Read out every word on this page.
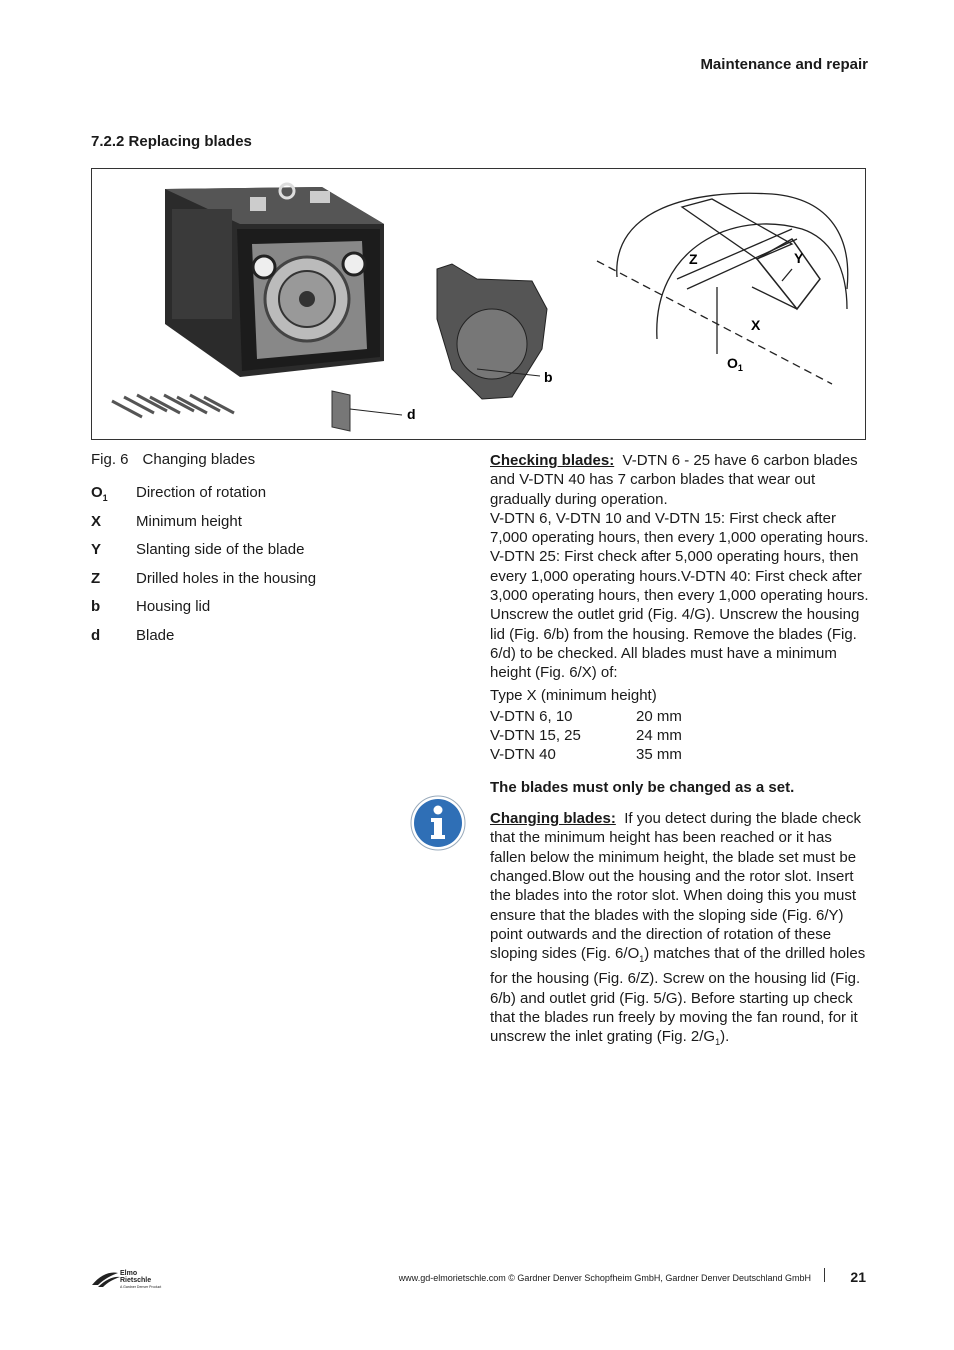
Maintenance and repair
7.2.2 Replacing blades
b
d
Z	Y
X
$O_1$
Fig. 6 Changing blades
$O_1$	Direction of rotation
X	Minimum height
Y	Slanting side of the blade
Z	Drilled holes in the housing
b	Housing lid
d	Blade

Checking blades: V-DTN 6 - 25 have 6 carbon blades and V-DTN 40 has 7 carbon blades that wear out gradually during operation.

V-DTN 6, V-DTN 10 and V-DTN 15: First check after 7,000 operating hours, then every 1,000 operating hours.

V-DTN 25: First check after 5,000 operating hours, then every 1,000 operating hours.V-DTN 40: First check after 3,000 operating hours, then every 1,000 operating hours.

Unscrew the outlet grid (Fig. 4/G). Unscrew the housing lid (Fig. 6/b) from the housing. Remove the blades (Fig. 6/d) to be checked. All blades must have a minimum height (Fig. 6/X) of:

Type X (minimum height)
V-DTN 6, 10	20 mm
V-DTN 15, 25	24 mm
V-DTN 40	35 mm

The blades must only be changed as a set.

Changing blades: If you detect during the blade check that the minimum height has been reached or it has fallen below the minimum height, the blade set must be changed.Blow out the housing and the rotor slot. Insert the blades into the rotor slot. When doing this you must ensure that the blades with the sloping side (Fig. 6/Y) point outwards and the direction of rotation of these sloping sides (Fig. $6/O_1$) matches that of the drilled holes for the housing (Fig. 6/Z). Screw on the housing lid (Fig. 6/b) and outlet grid (Fig. 5/G). Before starting up check that the blades run freely by moving the fan round, for it unscrew the inlet grating (Fig. $2/G_1$).

Elmo
Rietschle
A Gardner Denver Product
www.gd-elmorietschle.com © Gardner Denver Schopfheim GmbH, Gardner Denver Deutschland GmbH	21
